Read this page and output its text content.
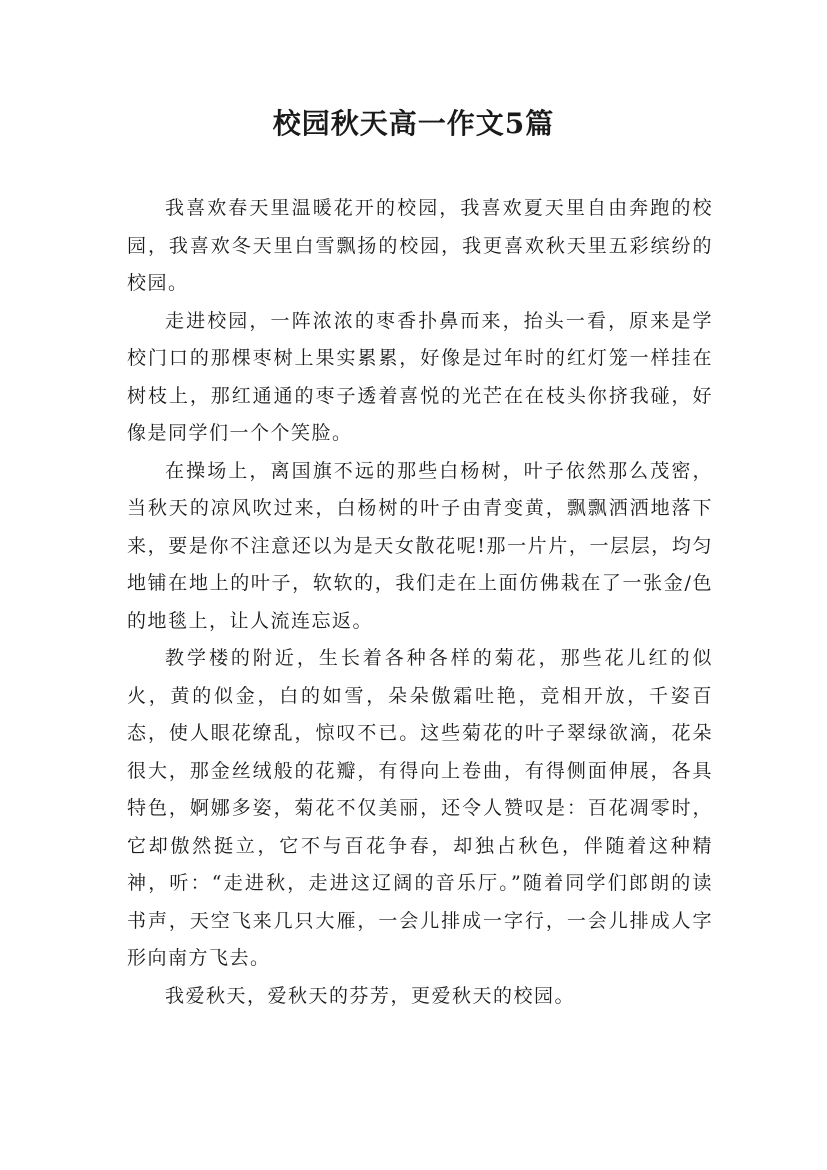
校园秋天高一作文5篇

我喜欢春天里温暖花开的校园，我喜欢夏天里自由奔跑的校园，我喜欢冬天里白雪飘扬的校园，我更喜欢秋天里五彩缤纷的校园。

走进校园，一阵浓浓的枣香扑鼻而来，抬头一看，原来是学校门口的那棵枣树上果实累累，好像是过年时的红灯笼一样挂在树枝上，那红通通的枣子透着喜悦的光芒在在枝头你挤我碰，好像是同学们一个个笑脸。

在操场上，离国旗不远的那些白杨树，叶子依然那么茂密，当秋天的凉风吹过来，白杨树的叶子由青变黄，飘飘洒洒地落下来，要是你不注意还以为是天女散花呢!那一片片，一层层，均匀地铺在地上的叶子，软软的，我们走在上面仿佛栽在了一张金/色的地毯上，让人流连忘返。

教学楼的附近，生长着各种各样的菊花，那些花儿红的似火，黄的似金，白的如雪，朵朵傲霜吐艳，竞相开放，千姿百态，使人眼花缭乱，惊叹不已。这些菊花的叶子翠绿欲滴，花朵很大，那金丝绒般的花瓣，有得向上卷曲，有得侧面伸展，各具特色，婀娜多姿，菊花不仅美丽，还令人赞叹是：百花凋零时，它却傲然挺立，它不与百花争春，却独占秋色，伴随着这种精神，听：“走进秋，走进这辽阔的音乐厅。”随着同学们郎朗的读书声，天空飞来几只大雁，一会儿排成一字行，一会儿排成人字形向南方飞去。

我爱秋天，爱秋天的芬芳，更爱秋天的校园。
